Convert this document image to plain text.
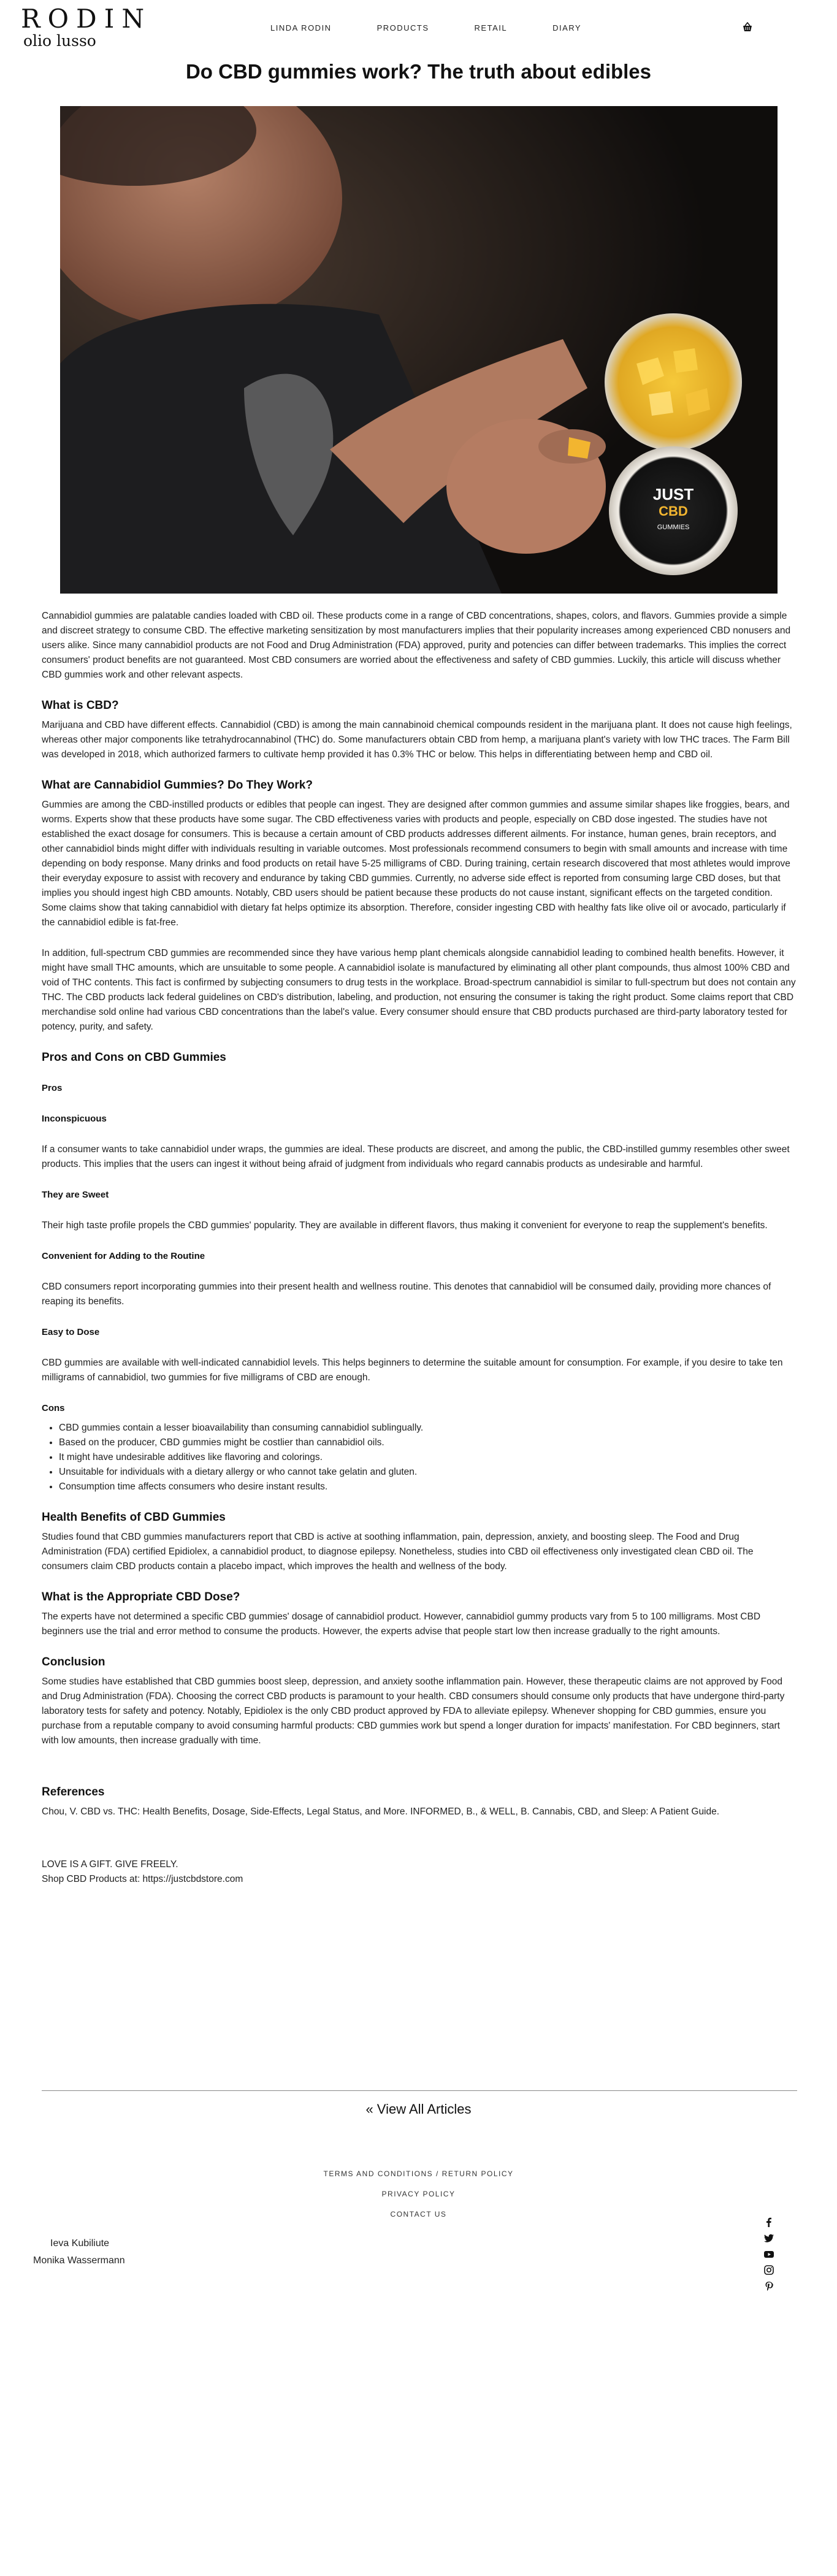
RODIN
olio lusso
LINDA RODIN	PRODUCTS	RETAIL	DIARY
Do CBD gummies work? The truth about edibles
JUST
CBD
GUMMIES

Cannabidiol gummies are palatable candies loaded with CBD oil. These products come in a range of CBD concentrations, shapes, colors, and flavors. Gummies provide a simple and discreet strategy to consume CBD. The effective marketing sensitization by most manufacturers implies that their popularity increases among experienced CBD nonusers and users alike. Since many cannabidiol products are not Food and Drug Administration (FDA) approved, purity and potencies can differ between trademarks. This implies the correct consumers' product benefits are not guaranteed. Most CBD consumers are worried about the effectiveness and safety of CBD gummies. Luckily, this article will discuss whether CBD gummies work and other relevant aspects.

What is CBD?

Marijuana and CBD have different effects. Cannabidiol (CBD) is among the main cannabinoid chemical compounds resident in the marijuana plant. It does not cause high feelings, whereas other major components like tetrahydrocannabinol (THC) do. Some manufacturers obtain CBD from hemp, a marijuana plant's variety with low THC traces. The Farm Bill was developed in 2018, which authorized farmers to cultivate hemp provided it has 0.3% THC or below. This helps in differentiating between hemp and CBD oil.

What are Cannabidiol Gummies? Do They Work?

Gummies are among the CBD-instilled products or edibles that people can ingest. They are designed after common gummies and assume similar shapes like froggies, bears, and worms. Experts show that these products have some sugar. The CBD effectiveness varies with products and people, especially on CBD dose ingested. The studies have not established the exact dosage for consumers. This is because a certain amount of CBD products addresses different ailments. For instance, human genes, brain receptors, and other cannabidiol binds might differ with individuals resulting in variable outcomes. Most professionals recommend consumers to begin with small amounts and increase with time depending on body response. Many drinks and food products on retail have 5-25 milligrams of CBD. During training, certain research discovered that most athletes would improve their everyday exposure to assist with recovery and endurance by taking CBD gummies. Currently, no adverse side effect is reported from consuming large CBD doses, but that implies you should ingest high CBD amounts. Notably, CBD users should be patient because these products do not cause instant, significant effects on the targeted condition. Some claims show that taking cannabidiol with dietary fat helps optimize its absorption. Therefore, consider ingesting CBD with healthy fats like olive oil or avocado, particularly if the cannabidiol edible is fat-free.

In addition, full-spectrum CBD gummies are recommended since they have various hemp plant chemicals alongside cannabidiol leading to combined health benefits. However, it might have small THC amounts, which are unsuitable to some people. A cannabidiol isolate is manufactured by eliminating all other plant compounds, thus almost 100% CBD and void of THC contents. This fact is confirmed by subjecting consumers to drug tests in the workplace. Broad-spectrum cannabidiol is similar to full-spectrum but does not contain any THC. The CBD products lack federal guidelines on CBD's distribution, labeling, and production, not ensuring the consumer is taking the right product. Some claims report that CBD merchandise sold online had various CBD concentrations than the label's value. Every consumer should ensure that CBD products purchased are third-party laboratory tested for potency, purity, and safety.

Pros and Cons on CBD Gummies
Pros
Inconspicuous

If a consumer wants to take cannabidiol under wraps, the gummies are ideal. These products are discreet, and among the public, the CBD-instilled gummy resembles other sweet products. This implies that the users can ingest it without being afraid of judgment from individuals who regard cannabis products as undesirable and harmful.

They are Sweet

Their high taste profile propels the CBD gummies' popularity. They are available in different flavors, thus making it convenient for everyone to reap the supplement's benefits.

Convenient for Adding to the Routine

CBD consumers report incorporating gummies into their present health and wellness routine. This denotes that cannabidiol will be consumed daily, providing more chances of reaping its benefits.

Easy to Dose

CBD gummies are available with well-indicated cannabidiol levels. This helps beginners to determine the suitable amount for consumption. For example, if you desire to take ten milligrams of cannabidiol, two gummies for five milligrams of CBD are enough.

Cons
• CBD gummies contain a lesser bioavailability than consuming cannabidiol sublingually.
• Based on the producer, CBD gummies might be costlier than cannabidiol oils.
• It might have undesirable additives like flavoring and colorings.
• Unsuitable for individuals with a dietary allergy or who cannot take gelatin and gluten.
• Consumption time affects consumers who desire instant results.
Health Benefits of CBD Gummies

Studies found that CBD gummies manufacturers report that CBD is active at soothing inflammation, pain, depression, anxiety, and boosting sleep. The Food and Drug Administration (FDA) certified Epidiolex, a cannabidiol product, to diagnose epilepsy. Nonetheless, studies into CBD oil effectiveness only investigated clean CBD oil. The consumers claim CBD products contain a placebo impact, which improves the health and wellness of the body.

What is the Appropriate CBD Dose?

The experts have not determined a specific CBD gummies' dosage of cannabidiol product. However, cannabidiol gummy products vary from 5 to 100 milligrams. Most CBD beginners use the trial and error method to consume the products. However, the experts advise that people start low then increase gradually to the right amounts.

Conclusion

Some studies have established that CBD gummies boost sleep, depression, and anxiety soothe inflammation pain. However, these therapeutic claims are not approved by Food and Drug Administration (FDA). Choosing the correct CBD products is paramount to your health. CBD consumers should consume only products that have undergone third-party laboratory tests for safety and potency. Notably, Epidiolex is the only CBD product approved by FDA to alleviate epilepsy. Whenever shopping for CBD gummies, ensure you purchase from a reputable company to avoid consuming harmful products: CBD gummies work but spend a longer duration for impacts' manifestation. For CBD beginners, start with low amounts, then increase gradually with time.

References

Chou, V. CBD vs. THC: Health Benefits, Dosage, Side-Effects, Legal Status, and More. INFORMED, B., & WELL, B. Cannabis, CBD, and Sleep: A Patient Guide.

LOVE IS A GIFT. GIVE FREELY.
Shop CBD Products at: https://justcbdstore.com
« View All Articles
TERMS AND CONDITIONS / RETURN POLICY
PRIVACY POLICY
CONTACT US
Ieva Kubiliute
Monika Wassermann
